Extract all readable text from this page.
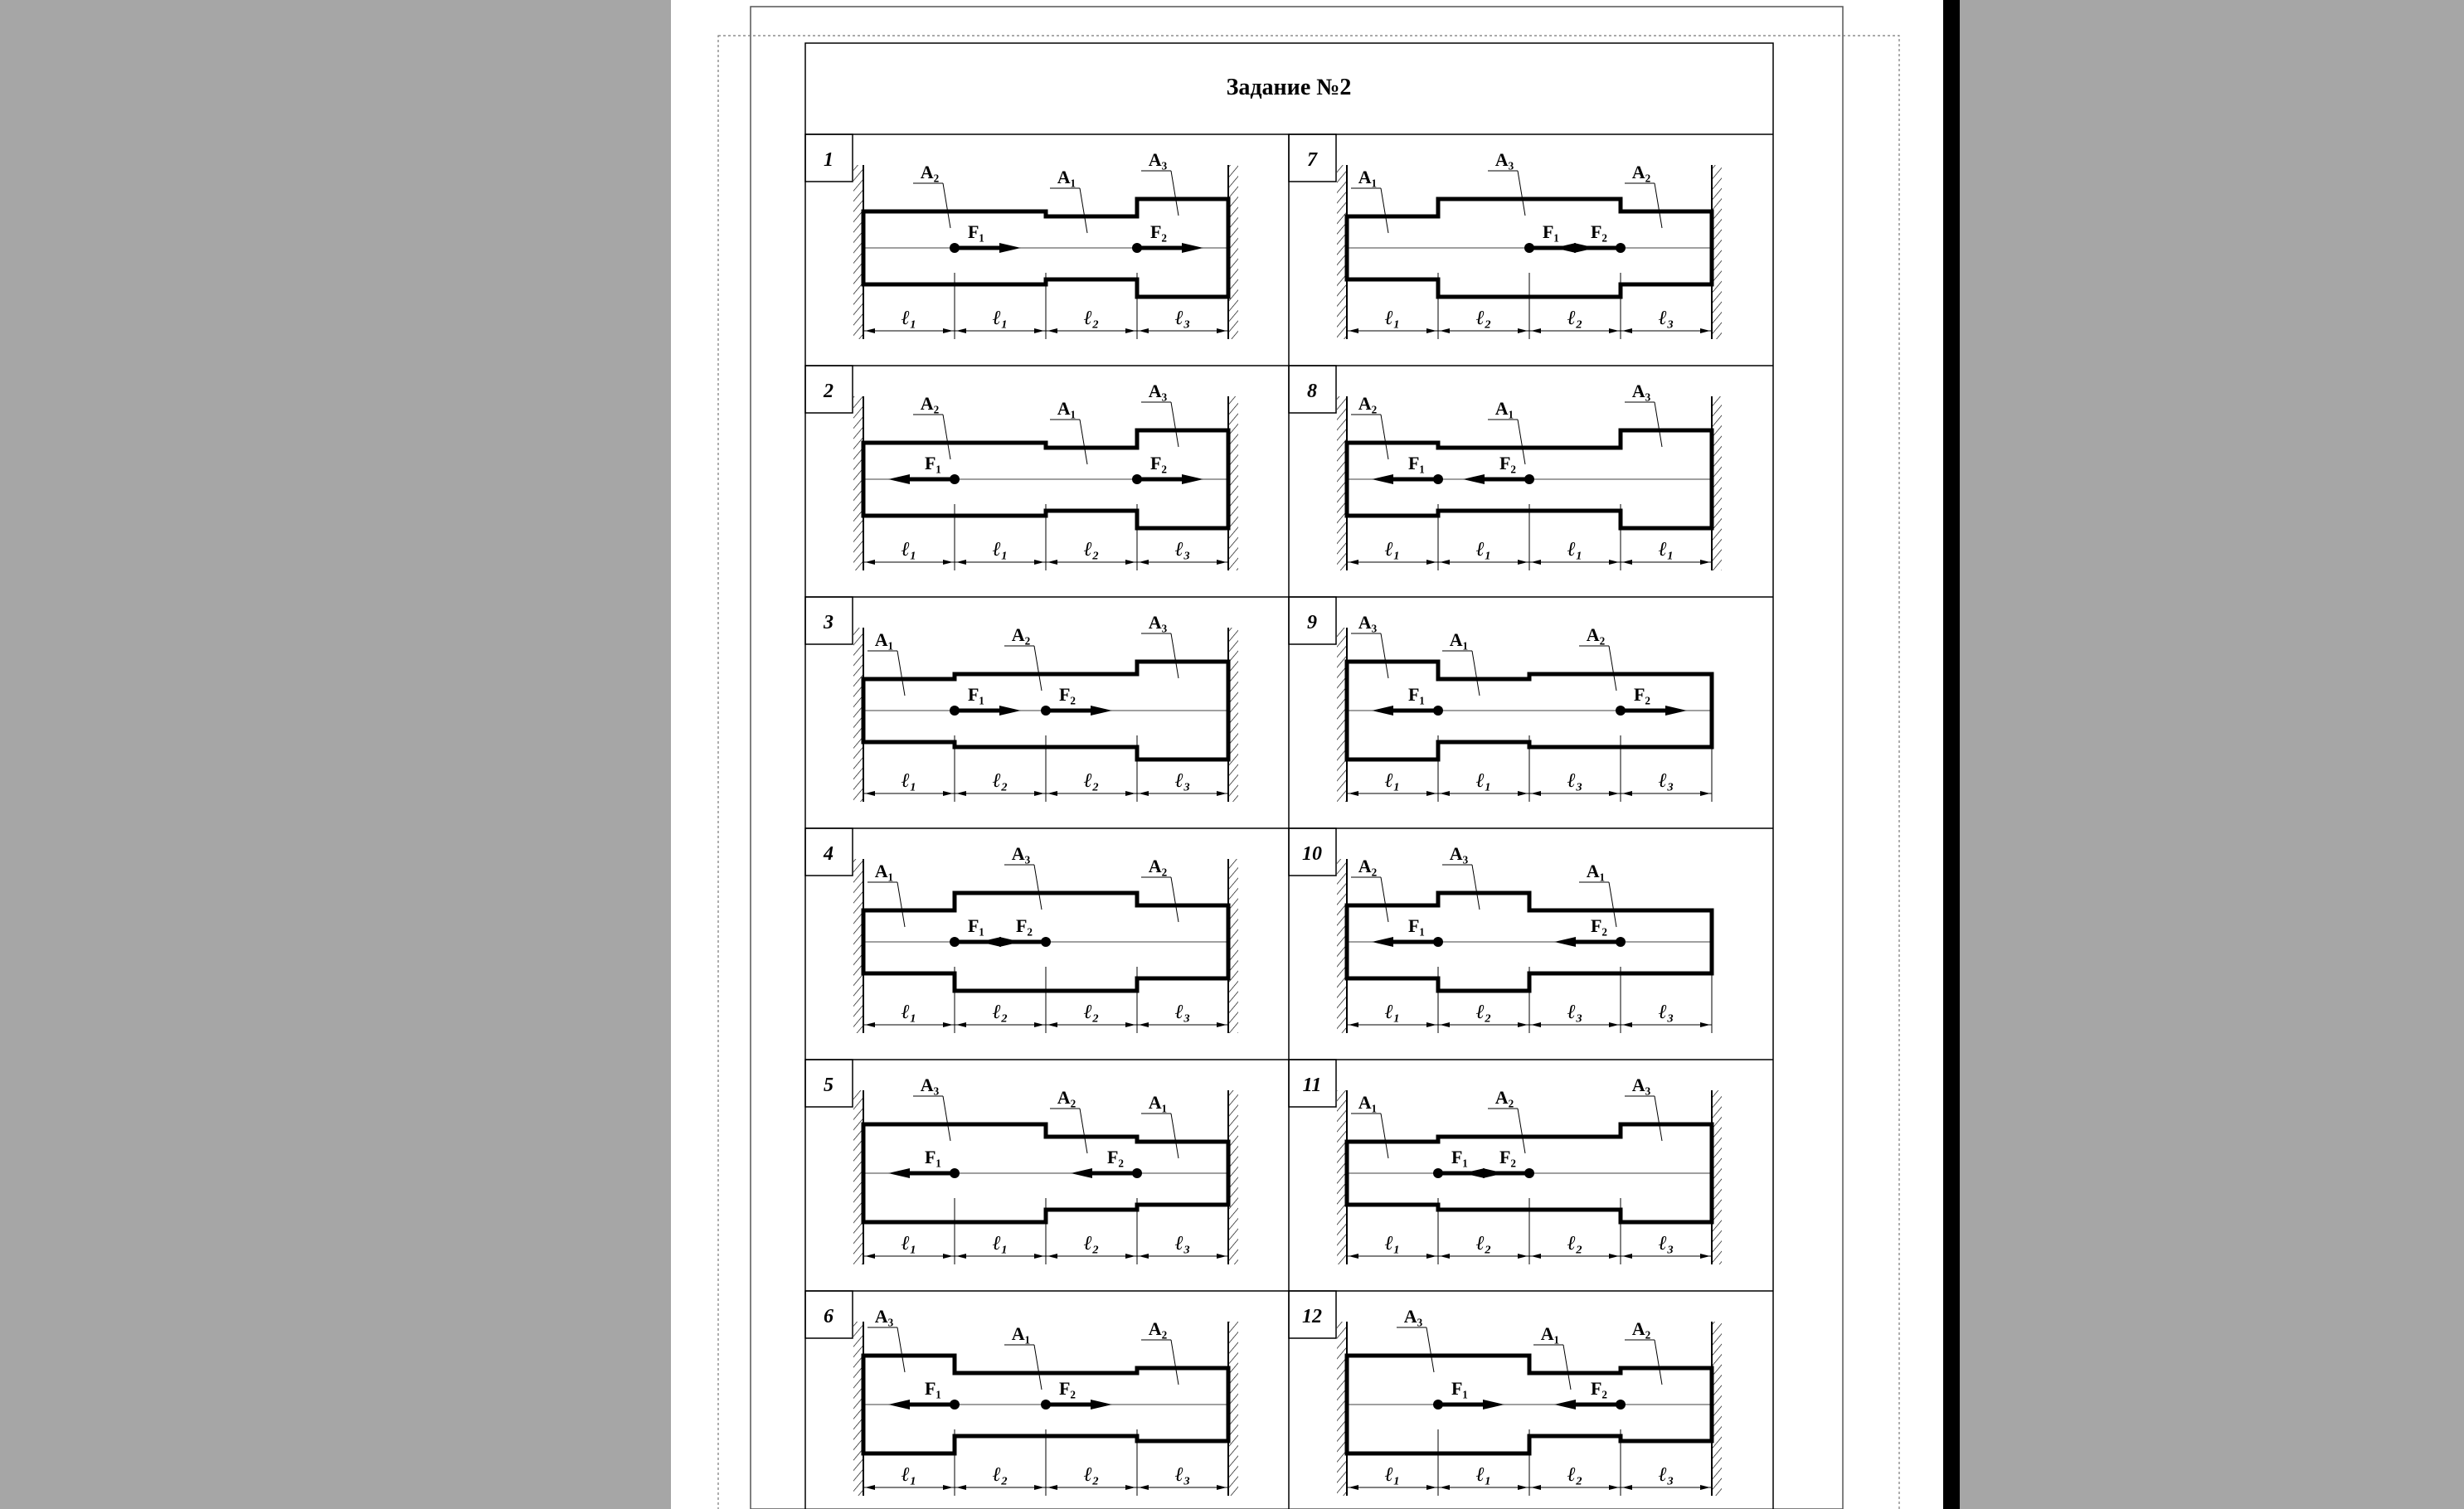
Задание №2
1
A₂	A₁
A₃
F₁	F₂
ℓ₁	ℓ₁	ℓ₂	ℓ₃
2
A₂	A₁
A₃
F₁	F₂
ℓ₁	ℓ₁	ℓ₂	ℓ₃
3
A₁	A₂
A₃
F₁	F₂
ℓ₁	ℓ₂	ℓ₂	ℓ₃
4
A₁
A₃
A₂
F₁ F₂
ℓ₁	ℓ₂	ℓ₂	ℓ₃
5	A₃
A₂	A₁
F₁	F₂
ℓ₁	ℓ₁	ℓ₂	ℓ₃
6 A₃
A₁	A₂
F₁	F₂
ℓ₁	ℓ₂	ℓ₂	ℓ₃
7
A₁
A₃
A₂
F₁ F₂
ℓ₁	ℓ₂	ℓ₂	ℓ₃
8
A₂	A₁
A₃
F₁	F₂
ℓ₁	ℓ₁	ℓ₁	ℓ₁
9 A₃
A₁	A₂
F₁	F₂
ℓ₁	ℓ₁	ℓ₃	ℓ₃
10
A₂
A₃
A₁
F₁	F₂
ℓ₁	ℓ₂	ℓ₃	ℓ₃
11
A₁	A₂
A₃
F₁ F₂
ℓ₁	ℓ₂	ℓ₂	ℓ₃
12	A₃
A₁	A₂
F₁	F₂
ℓ₁	ℓ₁	ℓ₂	ℓ₃
